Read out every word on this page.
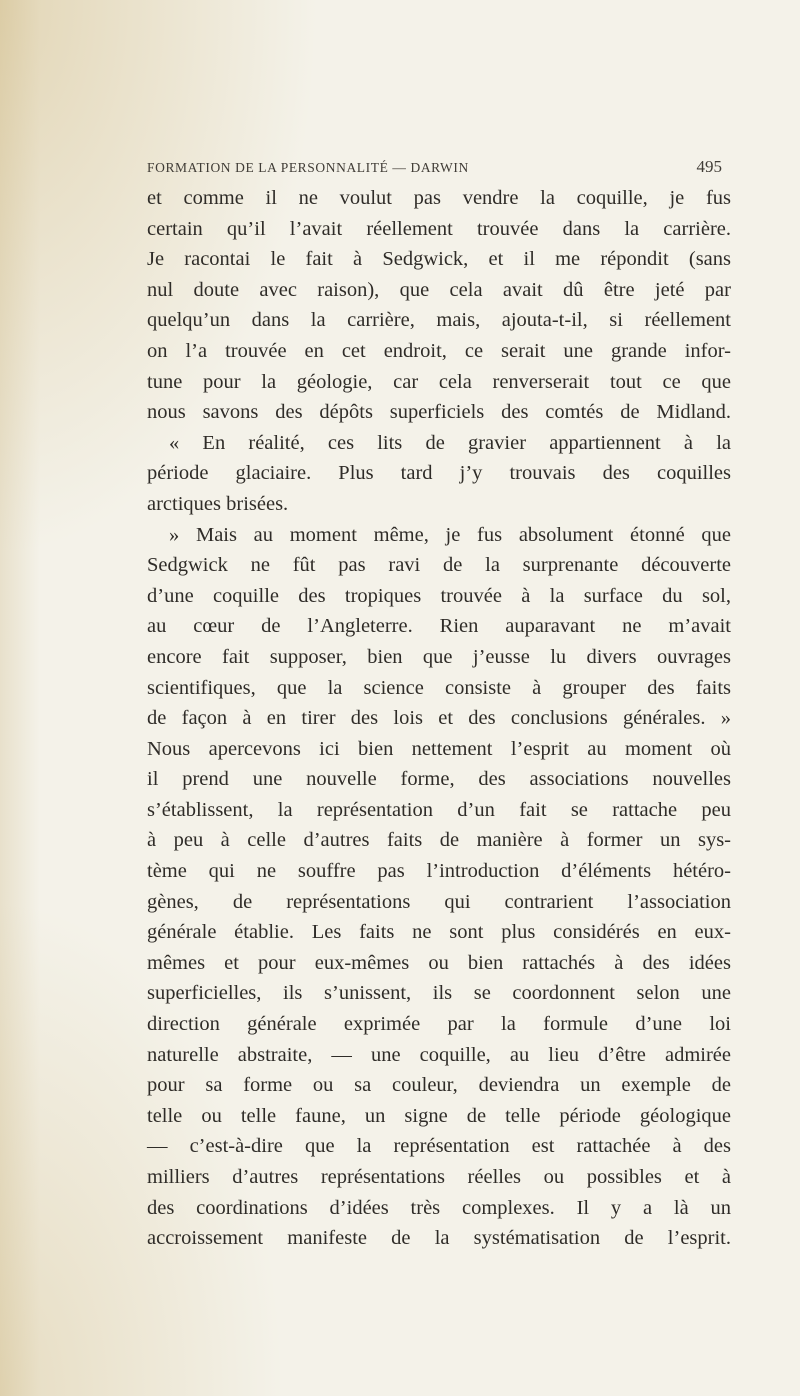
FORMATION DE LA PERSONNALITÉ — DARWIN	495
et comme il ne voulut pas vendre la coquille, je fus
certain qu’il l’avait réellement trouvée dans la carrière.
Je racontai le fait à Sedgwick, et il me répondit (sans
nul doute avec raison), que cela avait dû être jeté par
quelqu’un dans la carrière, mais, ajouta-t-il, si réellement
on l’a trouvée en cet endroit, ce serait une grande infor-
tune pour la géologie, car cela renverserait tout ce que
nous savons des dépôts superficiels des comtés de Midland.
« En réalité, ces lits de gravier appartiennent à la
période glaciaire. Plus tard j’y trouvais des coquilles
arctiques brisées.
» Mais au moment même, je fus absolument étonné que
Sedgwick ne fût pas ravi de la surprenante découverte
d’une coquille des tropiques trouvée à la surface du sol,
au cœur de l’Angleterre. Rien auparavant ne m’avait
encore fait supposer, bien que j’eusse lu divers ouvrages
scientifiques, que la science consiste à grouper des faits
de façon à en tirer des lois et des conclusions générales. »
Nous apercevons ici bien nettement l’esprit au moment où
il prend une nouvelle forme, des associations nouvelles
s’établissent, la représentation d’un fait se rattache peu
à peu à celle d’autres faits de manière à former un sys-
tème qui ne souffre pas l’introduction d’éléments hétéro-
gènes, de représentations qui contrarient l’association
générale établie. Les faits ne sont plus considérés en eux-
mêmes et pour eux-mêmes ou bien rattachés à des idées
superficielles, ils s’unissent, ils se coordonnent selon une
direction générale exprimée par la formule d’une loi
naturelle abstraite, — une coquille, au lieu d’être admirée
pour sa forme ou sa couleur, deviendra un exemple de
telle ou telle faune, un signe de telle période géologique
— c’est-à-dire que la représentation est rattachée à des
milliers d’autres représentations réelles ou possibles et à
des coordinations d’idées très complexes. Il y a là un
accroissement manifeste de la systématisation de l’esprit.
